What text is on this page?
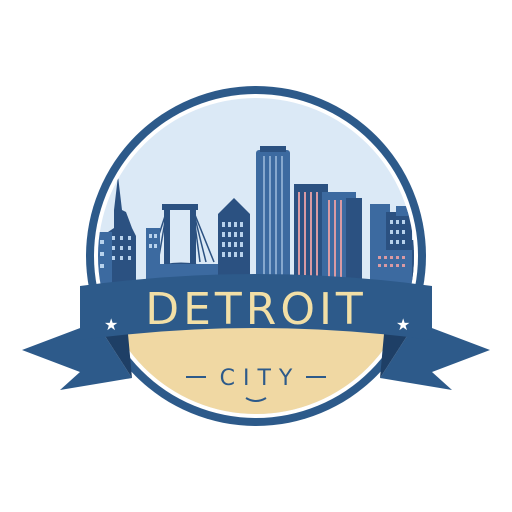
★	★
DETROIT
CITY
